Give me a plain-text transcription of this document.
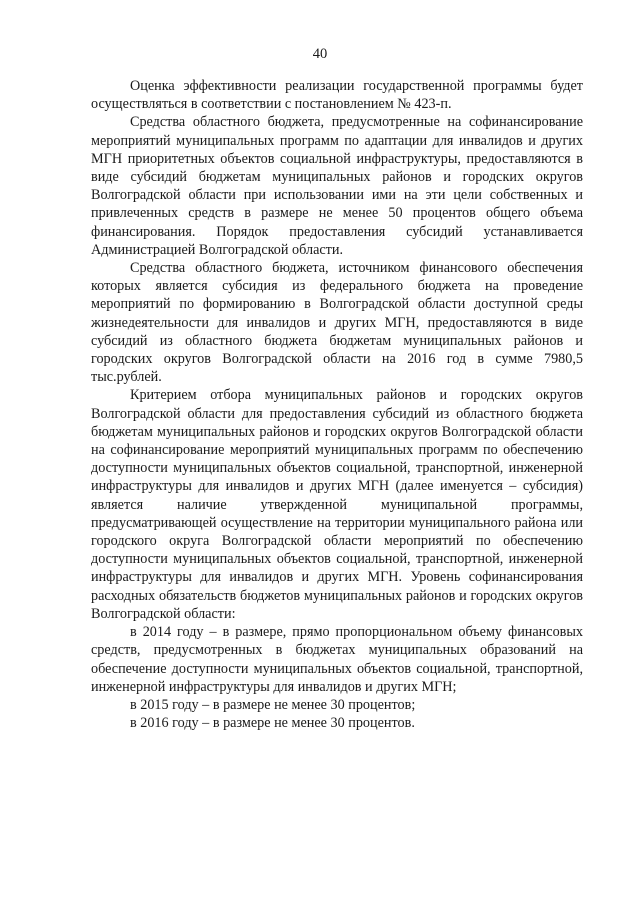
40

Оценка эффективности реализации государственной программы будет осуществляться в соответствии с постановлением № 423-п.

Средства областного бюджета, предусмотренные на софинансирование мероприятий муниципальных программ по адаптации для инвалидов и других МГН приоритетных объектов социальной инфраструктуры, предоставляются в виде субсидий бюджетам муниципальных районов и городских округов Волгоградской области при использовании ими на эти цели собственных и привлеченных средств в размере не менее 50 процентов общего объема финансирования. Порядок предоставления субсидий устанавливается Администрацией Волгоградской области.

Средства областного бюджета, источником финансового обеспечения которых является субсидия из федерального бюджета на проведение мероприятий по формированию в Волгоградской области доступной среды жизнедеятельности для инвалидов и других МГН, предоставляются в виде субсидий из областного бюджета бюджетам муниципальных районов и городских округов Волгоградской области на 2016 год в сумме 7980,5 тыс.рублей.

Критерием отбора муниципальных районов и городских округов Волгоградской области для предоставления субсидий из областного бюджета бюджетам муниципальных районов и городских округов Волгоградской области на софинансирование мероприятий муниципальных программ по обеспечению доступности муниципальных объектов социальной, транспортной, инженерной инфраструктуры для инвалидов и других МГН (далее именуется – субсидия) является наличие утвержденной муниципальной программы, предусматривающей осуществление на территории муниципального района или городского округа Волгоградской области мероприятий по обеспечению доступности муниципальных объектов социальной, транспортной, инженерной инфраструктуры для инвалидов и других МГН. Уровень софинансирования расходных обязательств бюджетов муниципальных районов и городских округов Волгоградской области:

в 2014 году – в размере, прямо пропорциональном объему финансовых средств, предусмотренных в бюджетах муниципальных образований на обеспечение доступности муниципальных объектов социальной, транспортной, инженерной инфраструктуры для инвалидов и других МГН;

в 2015 году – в размере не менее 30 процентов;

в 2016 году – в размере не менее 30 процентов.
